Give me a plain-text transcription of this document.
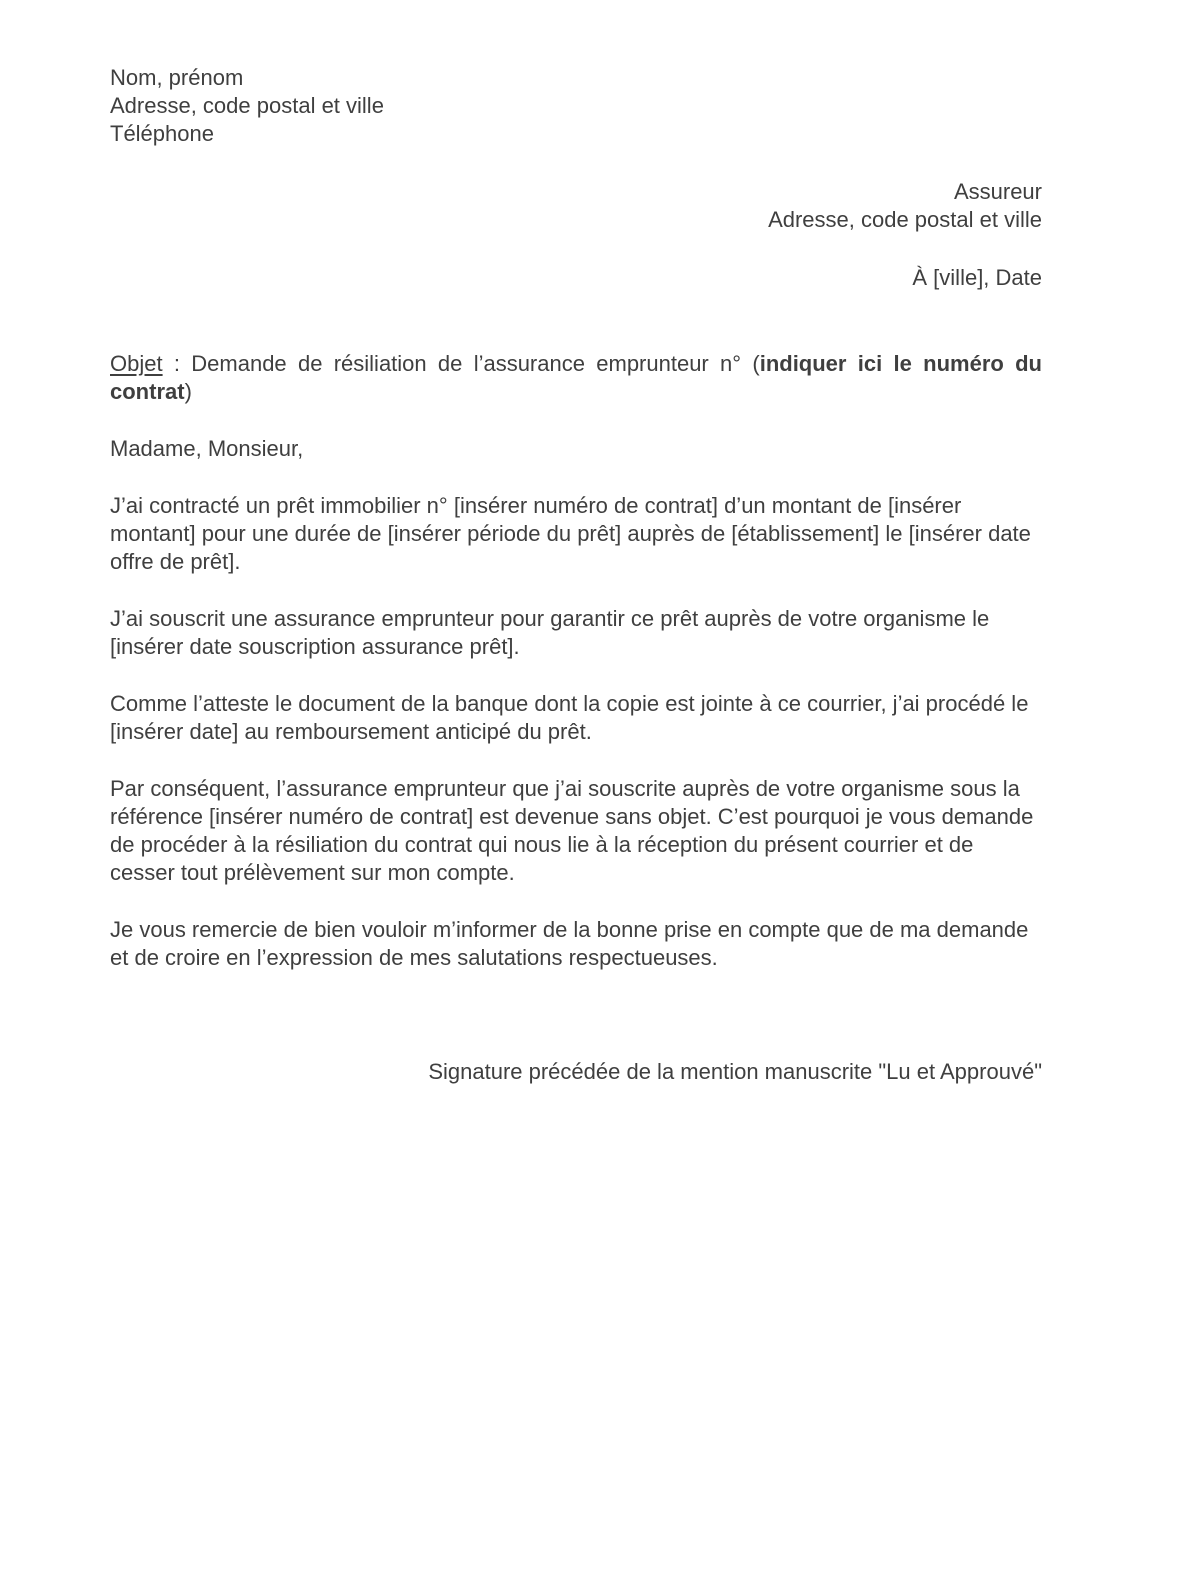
Nom, prénom
Adresse, code postal et ville
Téléphone
Assureur
Adresse, code postal et ville
À [ville], Date

Objet : Demande de résiliation de l’assurance emprunteur n° (indiquer ici le numéro du contrat)

Madame, Monsieur,

J’ai contracté un prêt immobilier n° [insérer numéro de contrat] d’un montant de [insérer montant] pour une durée de [insérer période du prêt] auprès de [établissement] le [insérer date offre de prêt].

J’ai souscrit une assurance emprunteur pour garantir ce prêt auprès de votre organisme le [insérer date souscription assurance prêt].

Comme l’atteste le document de la banque dont la copie est jointe à ce courrier, j’ai procédé le [insérer date] au remboursement anticipé du prêt.

Par conséquent, l’assurance emprunteur que j’ai souscrite auprès de votre organisme sous la référence [insérer numéro de contrat] est devenue sans objet. C’est pourquoi je vous demande de procéder à la résiliation du contrat qui nous lie à la réception du présent courrier et de cesser tout prélèvement sur mon compte.

Je vous remercie de bien vouloir m’informer de la bonne prise en compte que de ma demande et de croire en l’expression de mes salutations respectueuses.

Signature précédée de la mention manuscrite "Lu et Approuvé"
